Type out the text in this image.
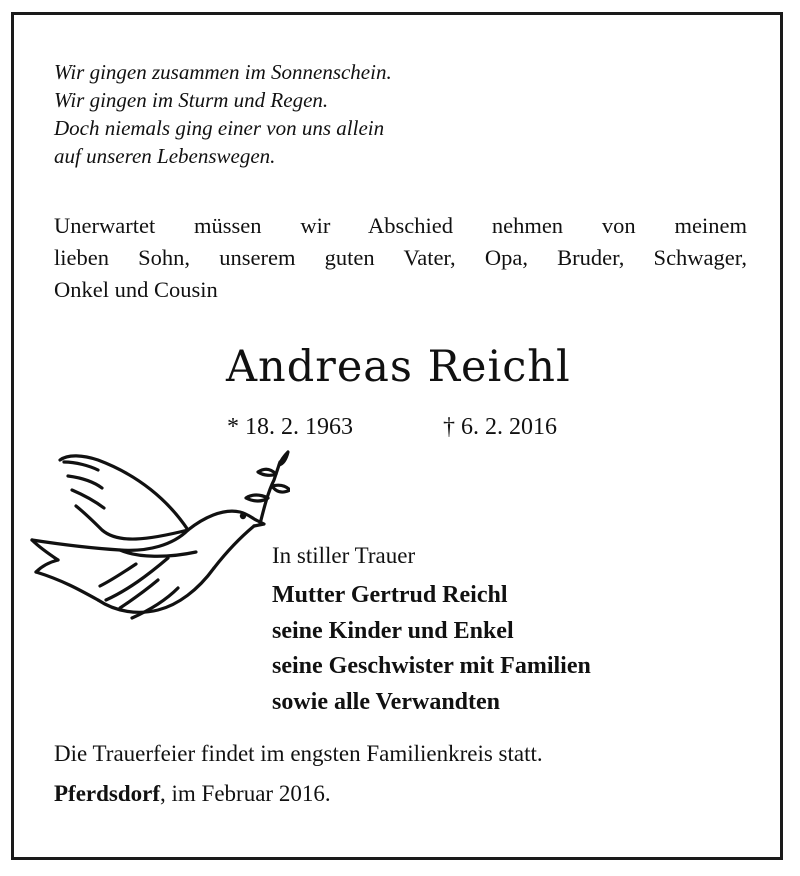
Wir gingen zusammen im Sonnenschein.
Wir gingen im Sturm und Regen.
Doch niemals ging einer von uns allein
auf unseren Lebenswegen.
Unerwartet müssen wir Abschied nehmen von meinem
lieben Sohn, unserem guten Vater, Opa, Bruder, Schwager,
Onkel und Cousin
Andreas Reichl
* 18. 2. 1963	† 6. 2. 2016
In stiller Trauer
Mutter Gertrud Reichl
seine Kinder und Enkel
seine Geschwister mit Familien
sowie alle Verwandten
Die Trauerfeier findet im engsten Familienkreis statt.
Pferdsdorf, im Februar 2016.
